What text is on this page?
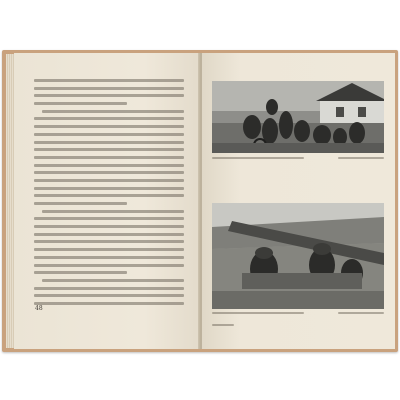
48
